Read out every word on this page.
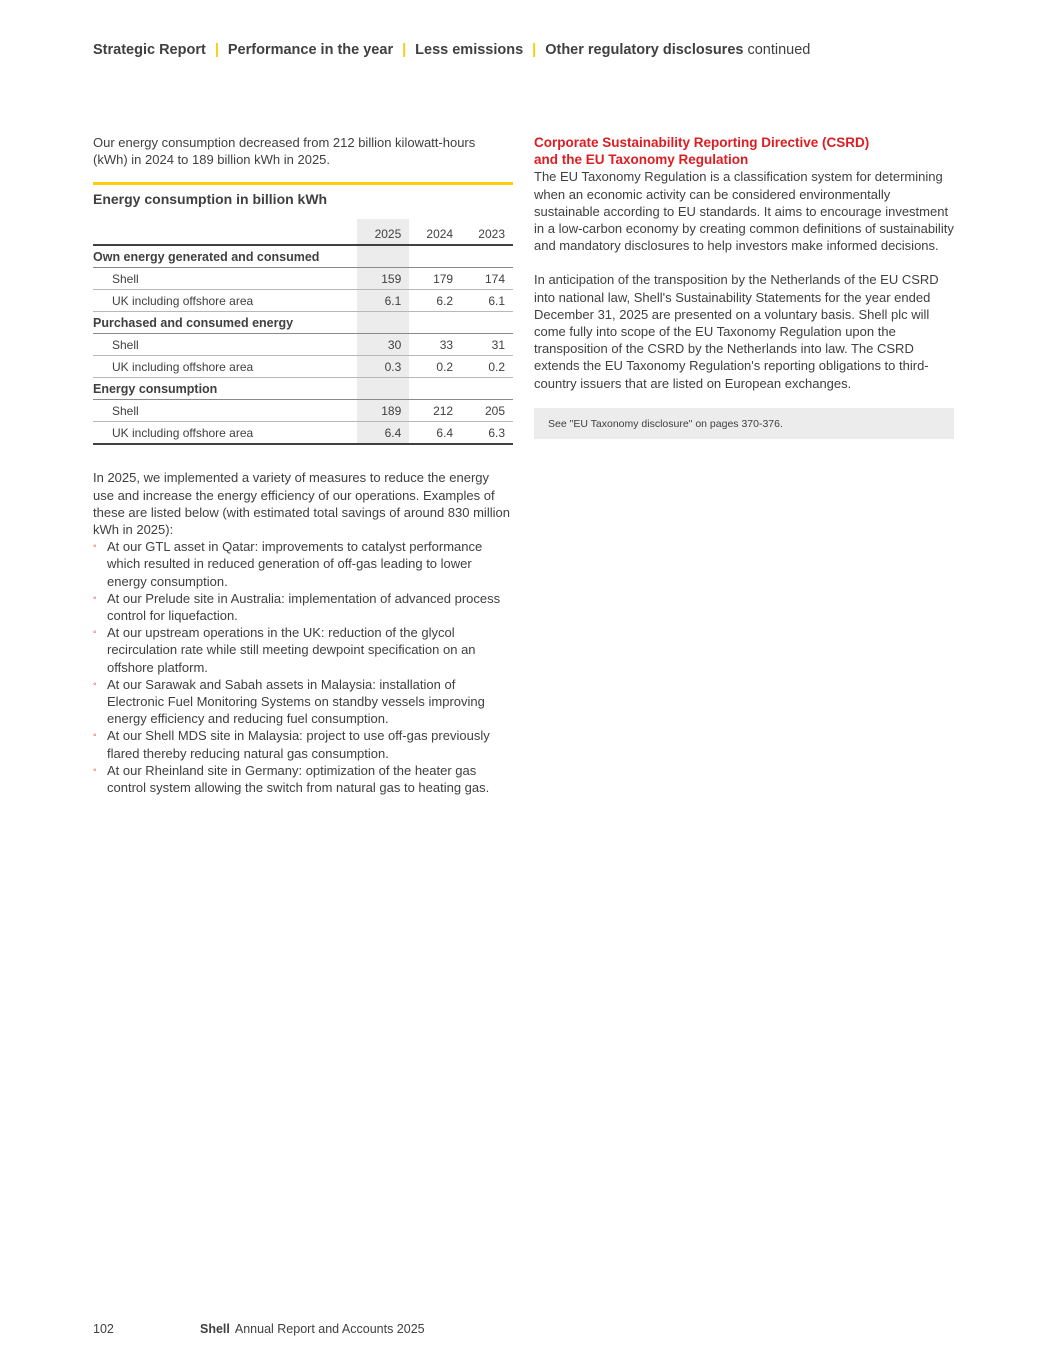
Strategic Report | Performance in the year | Less emissions | Other regulatory disclosures continued

Our energy consumption decreased from 212 billion kilowatt-hours (kWh) in 2024 to 189 billion kWh in 2025.

Energy consumption in billion kWh

	2025	2024	2023
Own energy generated and consumed			
Shell	159	179	174
UK including offshore area	6.1	6.2	6.1
Purchased and consumed energy			
Shell	30	33	31
UK including offshore area	0.3	0.2	0.2
Energy consumption			
Shell	189	212	205
UK including offshore area	6.4	6.4	6.3

In 2025, we implemented a variety of measures to reduce the energy use and increase the energy efficiency of our operations. Examples of these are listed below (with estimated total savings of around 830 million kWh in 2025):

◦ At our GTL asset in Qatar: improvements to catalyst performance which resulted in reduced generation of off-gas leading to lower energy consumption.
◦ At our Prelude site in Australia: implementation of advanced process control for liquefaction.
◦ At our upstream operations in the UK: reduction of the glycol recirculation rate while still meeting dewpoint specification on an offshore platform.
◦ At our Sarawak and Sabah assets in Malaysia: installation of Electronic Fuel Monitoring Systems on standby vessels improving energy efficiency and reducing fuel consumption.
◦ At our Shell MDS site in Malaysia: project to use off-gas previously flared thereby reducing natural gas consumption.
◦ At our Rheinland site in Germany: optimization of the heater gas control system allowing the switch from natural gas to heating gas.

Corporate Sustainability Reporting Directive (CSRD)
and the EU Taxonomy Regulation

The EU Taxonomy Regulation is a classification system for determining when an economic activity can be considered environmentally sustainable according to EU standards. It aims to encourage investment in a low-carbon economy by creating common definitions of sustainability and mandatory disclosures to help investors make informed decisions.

In anticipation of the transposition by the Netherlands of the EU CSRD into national law, Shell's Sustainability Statements for the year ended December 31, 2025 are presented on a voluntary basis. Shell plc will come fully into scope of the EU Taxonomy Regulation upon the transposition of the CSRD by the Netherlands into law. The CSRD extends the EU Taxonomy Regulation's reporting obligations to third-country issuers that are listed on European exchanges.

See "EU Taxonomy disclosure" on pages 370-376.
102	Shell Annual Report and Accounts 2025
